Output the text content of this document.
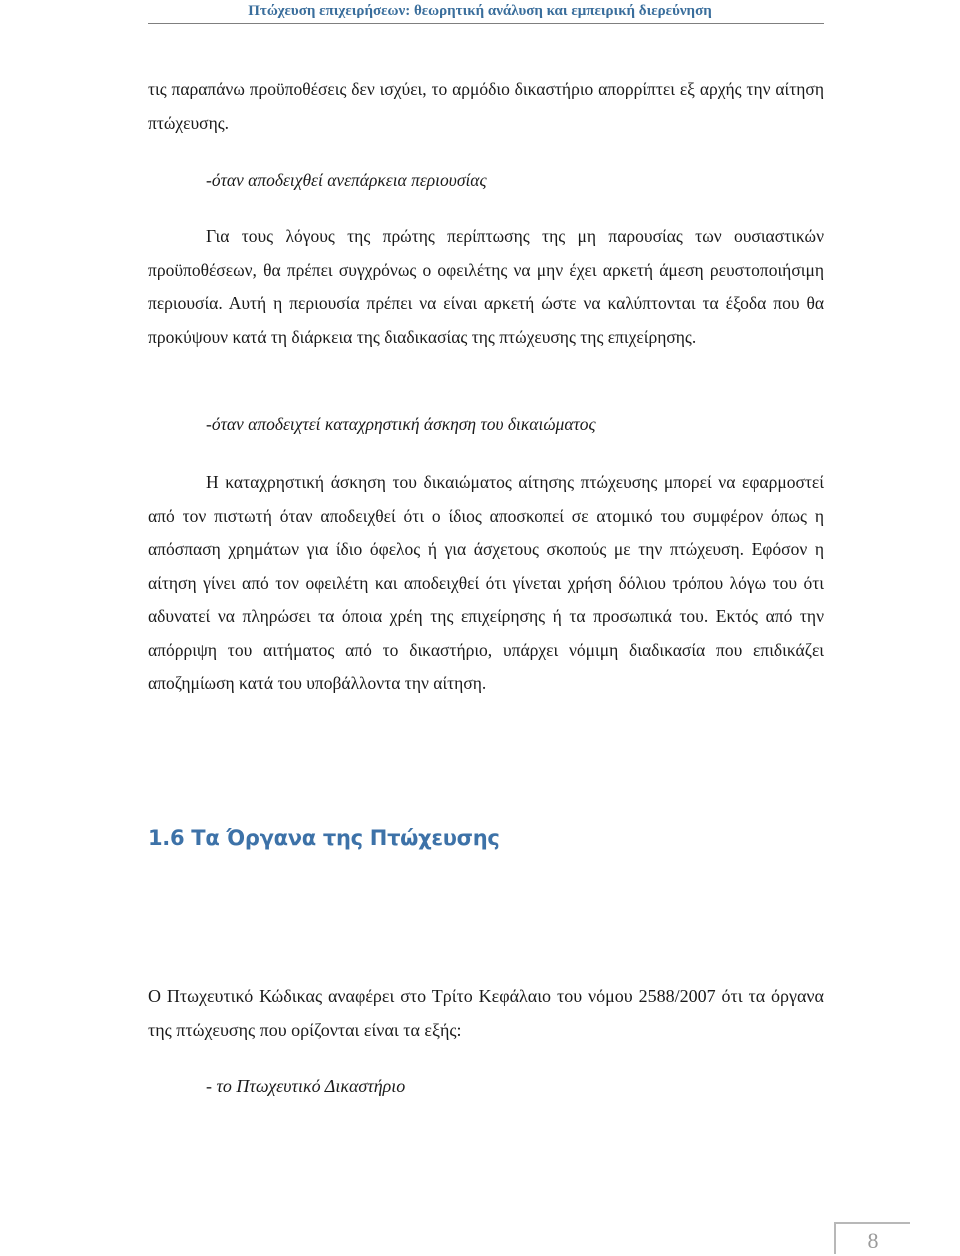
Πτώχευση επιχειρήσεων: θεωρητική ανάλυση και εμπειρική διερεύνηση

τις παραπάνω προϋποθέσεις δεν ισχύει, το αρμόδιο δικαστήριο απορρίπτει εξ αρχής την αίτηση πτώχευσης.

-όταν αποδειχθεί ανεπάρκεια περιουσίας

Για τους λόγους της πρώτης περίπτωσης της μη παρουσίας των ουσιαστικών προϋποθέσεων, θα πρέπει συγχρόνως ο οφειλέτης να μην έχει αρκετή άμεση ρευστοποιήσιμη περιουσία. Αυτή η περιουσία πρέπει να είναι αρκετή ώστε να καλύπτονται τα έξοδα που θα προκύψουν κατά τη διάρκεια της διαδικασίας της πτώχευσης της επιχείρησης.

-όταν αποδειχτεί καταχρηστική άσκηση του δικαιώματος

Η καταχρηστική άσκηση του δικαιώματος αίτησης πτώχευσης μπορεί να εφαρμοστεί από τον πιστωτή όταν αποδειχθεί ότι ο ίδιος αποσκοπεί σε ατομικό του συμφέρον όπως η απόσπαση χρημάτων για ίδιο όφελος ή για άσχετους σκοπούς με την πτώχευση. Εφόσον η αίτηση γίνει από τον οφειλέτη και αποδειχθεί ότι γίνεται χρήση δόλιου τρόπου λόγω του ότι αδυνατεί να πληρώσει τα όποια χρέη της επιχείρησης ή τα προσωπικά του. Εκτός από την απόρριψη του αιτήματος από το δικαστήριο, υπάρχει νόμιμη διαδικασία που επιδικάζει αποζημίωση κατά του υποβάλλοντα την αίτηση.

1.6 Τα Όργανα της Πτώχευσης

Ο Πτωχευτικό Κώδικας αναφέρει στο Τρίτο Κεφάλαιο του νόμου 2588/2007 ότι τα όργανα της πτώχευσης που ορίζονται είναι τα εξής:

- το Πτωχευτικό Δικαστήριο

8
